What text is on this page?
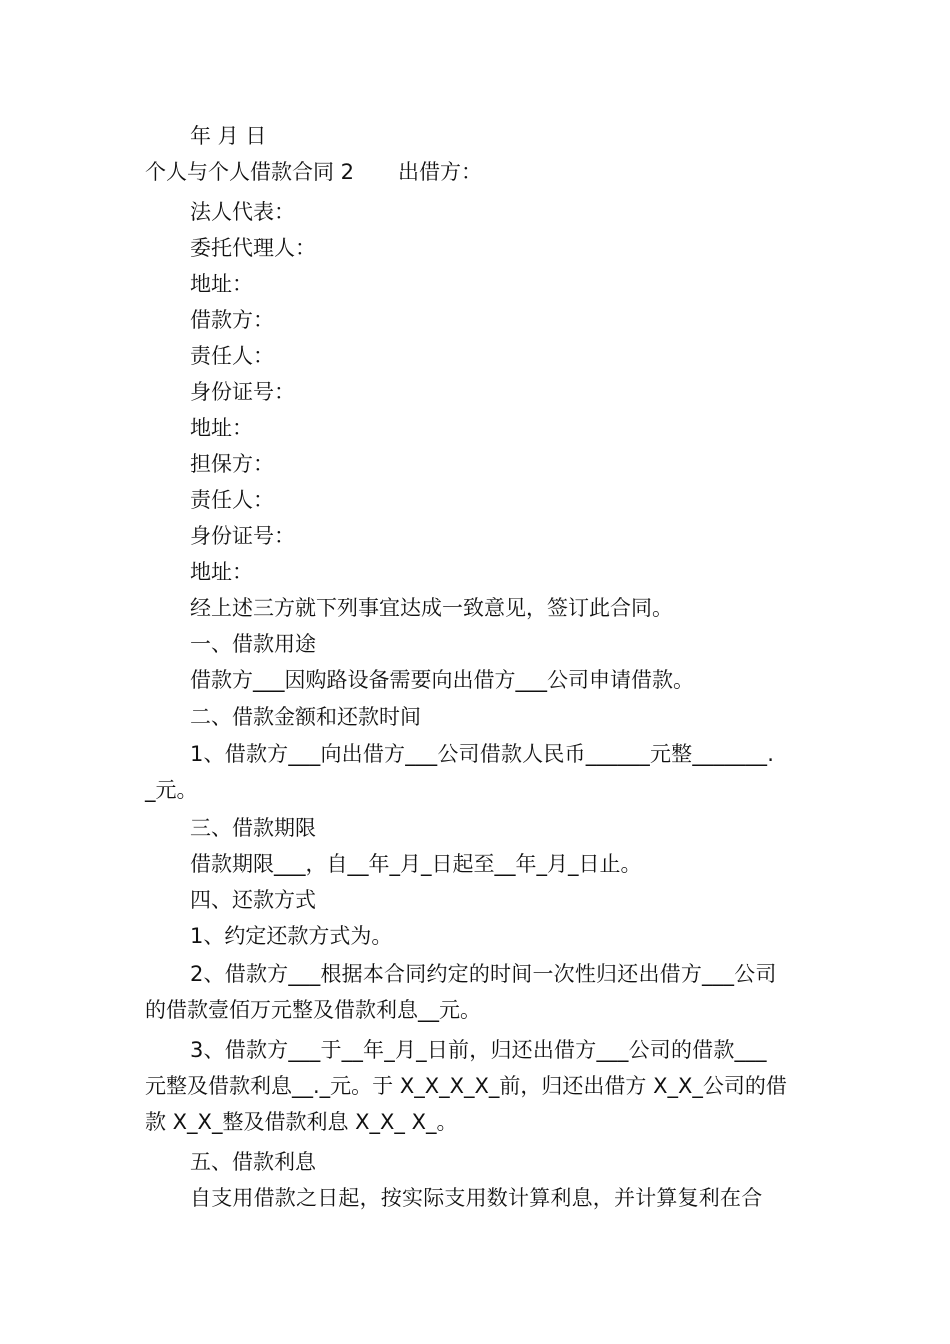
年 月 日

个人与个人借款合同 2 出借方：

法人代表：

委托代理人：

地址：

借款方：

责任人：

身份证号：

地址：

担保方：

责任人：

身份证号：

地址：

经上述三方就下列事宜达成一致意见，签订此合同。

一、借款用途

借款方___因购路设备需要向出借方___公司申请借款。

二、借款金额和还款时间

1、借款方___向出借方___公司借款人民币______元整_______.

_元。

三、借款期限

借款期限___，自__年_月_日起至__年_月_日止。

四、还款方式

1、约定还款方式为。

2、借款方___根据本合同约定的时间一次性归还出借方___公司

的借款壹佰万元整及借款利息__元。

3、借款方___于__年_月_日前，归还出借方___公司的借款___

元整及借款利息__._元。于 X_X_X_X_前，归还出借方 X_X_公司的借

款 X_X_整及借款利息 X_X_ X_。

五、借款利息

自支用借款之日起，按实际支用数计算利息，并计算复利在合
